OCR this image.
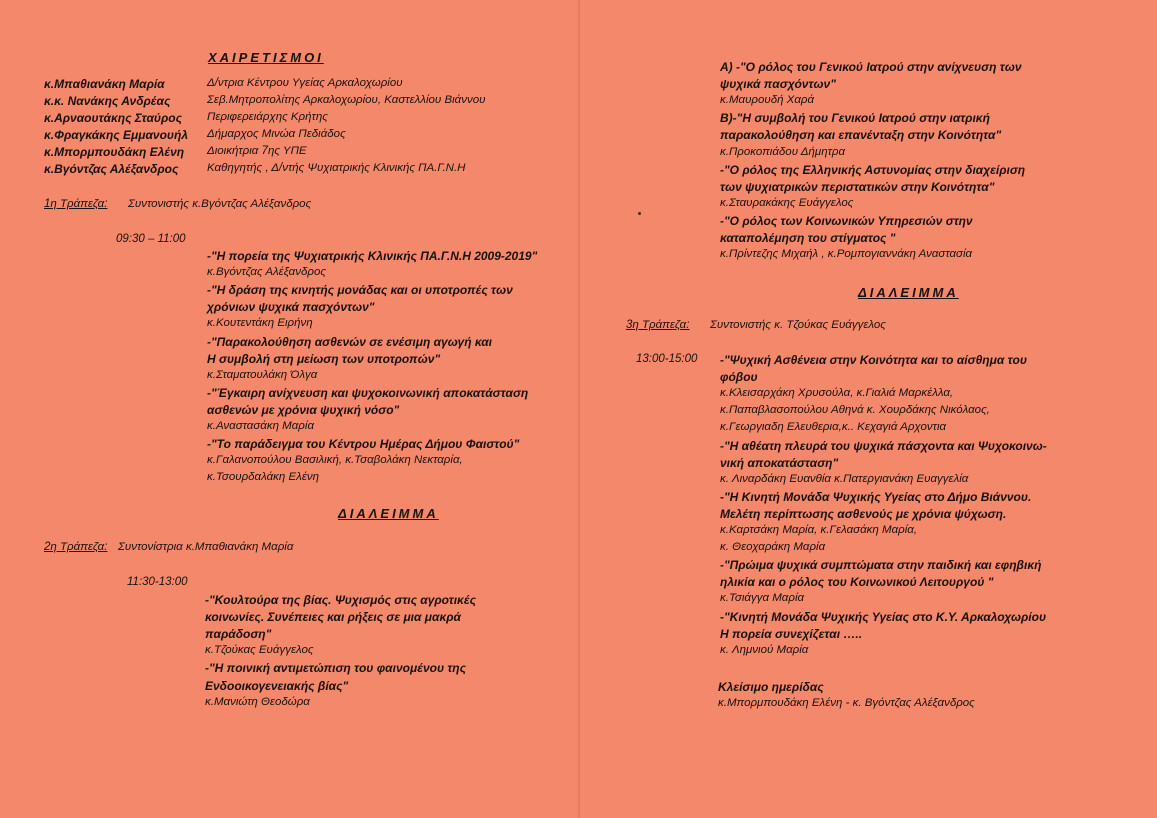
ΧΑΙΡΕΤΙΣΜΟΙ
κ.Μπαθιανάκη Μαρία	Δ/ντρια Κέντρου Υγείας Αρκαλοχωρίου
κ.κ. Νανάκης Ανδρέας	Σεβ.Μητροπολίτης Αρκαλοχωρίου, Καστελλίου Βιάννου
κ.Αρναουτάκης Σταύρος Περιφερειάρχης Κρήτης
κ.Φραγκάκης Εμμανουήλ Δήμαρχος Μινώα Πεδιάδος
κ.Μπορμπουδάκη Ελένη Διοικήτρια 7ης ΥΠΕ
κ.Βγόντζας Αλέξανδρος Καθηγητής , Δ/ντής Ψυχιατρικής Κλινικής ΠΑ.Γ.Ν.Η
1η Τράπεζα: Συντονιστής κ.Βγόντζας Αλέξανδρος
09:30 – 11:00
-"Η πορεία της Ψυχιατρικής Κλινικής ΠΑ.Γ.Ν.Η 2009-2019"
κ.Βγόντζας Αλέξανδρος
-"Η δράση της κινητής μονάδας και οι υποτροπές των
χρόνιων ψυχικά πασχόντων"
κ.Κουτεντάκη Ειρήνη
-"Παρακολούθηση ασθενών σε ενέσιμη αγωγή και
Η συμβολή στη μείωση των υποτροπών"
κ.Σταματουλάκη Όλγα
-"Έγκαιρη ανίχνευση και ψυχοκοινωνική αποκατάσταση
ασθενών με χρόνια ψυχική νόσο"
κ.Αναστασάκη Μαρία
-"Το παράδειγμα του Κέντρου Ημέρας Δήμου Φαιστού"
κ.Γαλανοπούλου Βασιλική, κ.Τσαβολάκη Νεκταρία,
κ.Τσουρδαλάκη Ελένη
ΔΙΑΛΕΙΜΜΑ
2η Τράπεζα: Συντονίστρια κ.Μπαθιανάκη Μαρία
11:30-13:00
-"Κουλτούρα της βίας. Ψυχισμός στις αγροτικές
κοινωνίες. Συνέπειες και ρήξεις σε μια μακρά
παράδοση"
κ.Τζούκας Ευάγγελος
-"Η ποινική αντιμετώπιση του φαινομένου της
Ενδοοικογενειακής βίας"
κ.Μανιώτη Θεοδώρα
A) -"Ο ρόλος του Γενικού Ιατρού στην ανίχνευση των
ψυχικά πασχόντων"
κ.Μαυρουδή Χαρά
B)-"Η συμβολή του Γενικού Ιατρού στην ιατρική
παρακολούθηση και επανένταξη στην Κοινότητα"
κ.Προκοπιάδου Δήμητρα
-"Ο ρόλος της Ελληνικής Αστυνομίας στην διαχείριση
των ψυχιατρικών περιστατικών στην Κοινότητα"
κ.Σταυρακάκης Ευάγγελος
-"Ο ρόλος των Κοινωνικών Υπηρεσιών στην
καταπολέμηση του στίγματος "
κ.Πρίντεζης Μιχαήλ , κ.Ρομπογιαννάκη Αναστασία
ΔΙΑΛΕΙΜΜΑ
3η Τράπεζα: Συντονιστής κ. Τζούκας Ευάγγελος
13:00-15:00 -"Ψυχική Ασθένεια στην Κοινότητα και το αίσθημα του
φόβου
κ.Κλεισαρχάκη Χρυσούλα, κ.Γιαλιά Μαρκέλλα,
κ.Παπαβλασοπούλου Αθηνά κ. Χουρδάκης Νικόλαος,
κ.Γεωργιαδη Ελευθερια,κ.. Κεχαγιά Αρχοντια
-"Η αθέατη πλευρά του ψυχικά πάσχοντα και Ψυχοκοινω-
νική αποκατάσταση"
κ. Λιναρδάκη Ευανθία κ.Πατεργιανάκη Ευαγγελία
-"Η Κινητή Μονάδα Ψυχικής Υγείας στο Δήμο Βιάννου.
Μελέτη περίπτωσης ασθενούς με χρόνια ψύχωση.
κ.Καρτσάκη Μαρία, κ.Γελασάκη Μαρία,
κ. Θεοχαράκη Μαρία
-"Πρώιμα ψυχικά συμπτώματα στην παιδική και εφηβική
ηλικία και ο ρόλος του Κοινωνικού Λειτουργού "
κ.Τσιάγγα Μαρία
-"Κινητή Μονάδα Ψυχικής Υγείας στο Κ.Υ. Αρκαλοχωρίου
Η πορεία συνεχίζεται …..
κ. Λημνιού Μαρία
Κλείσιμο ημερίδας
κ.Μπορμπουδάκη Ελένη - κ. Βγόντζας Αλέξανδρος
